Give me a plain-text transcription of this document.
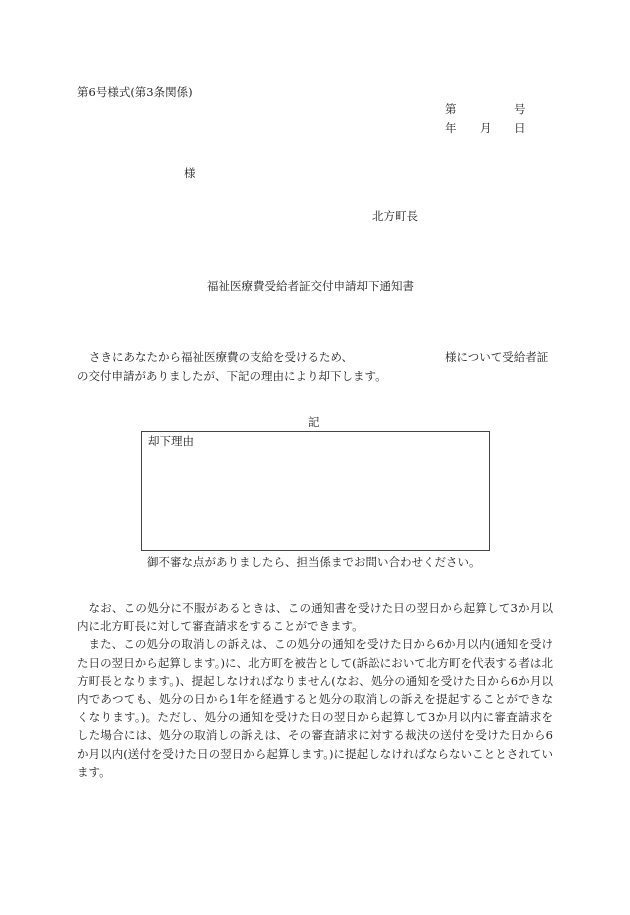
第6号様式(第3条関係)
第	号
年 月 日
様
北方町長
福祉医療費受給者証交付申請却下通知書
さきにあなたから福祉医療費の支給を受けるため、	様について受給者証
の交付申請がありましたが、下記の理由により却下します。
記
却下理由
御不審な点がありましたら、担当係までお問い合わせください。

なお、この処分に不服があるときは、この通知書を受けた日の翌日から起算して3か月以内に北方町長に対して審査請求をすることができます。

また、この処分の取消しの訴えは、この処分の通知を受けた日から6か月以内(通知を受けた日の翌日から起算します。)に、北方町を被告として(訴訟において北方町を代表する者は北方町長となります。)、提起しなければなりません(なお、処分の通知を受けた日から6か月以内であつても、処分の日から1年を経過すると処分の取消しの訴えを提起することができなくなります。)。ただし、処分の通知を受けた日の翌日から起算して3か月以内に審査請求をした場合には、処分の取消しの訴えは、その審査請求に対する裁決の送付を受けた日から6か月以内(送付を受けた日の翌日から起算します。)に提起しなければならないこととされています。
